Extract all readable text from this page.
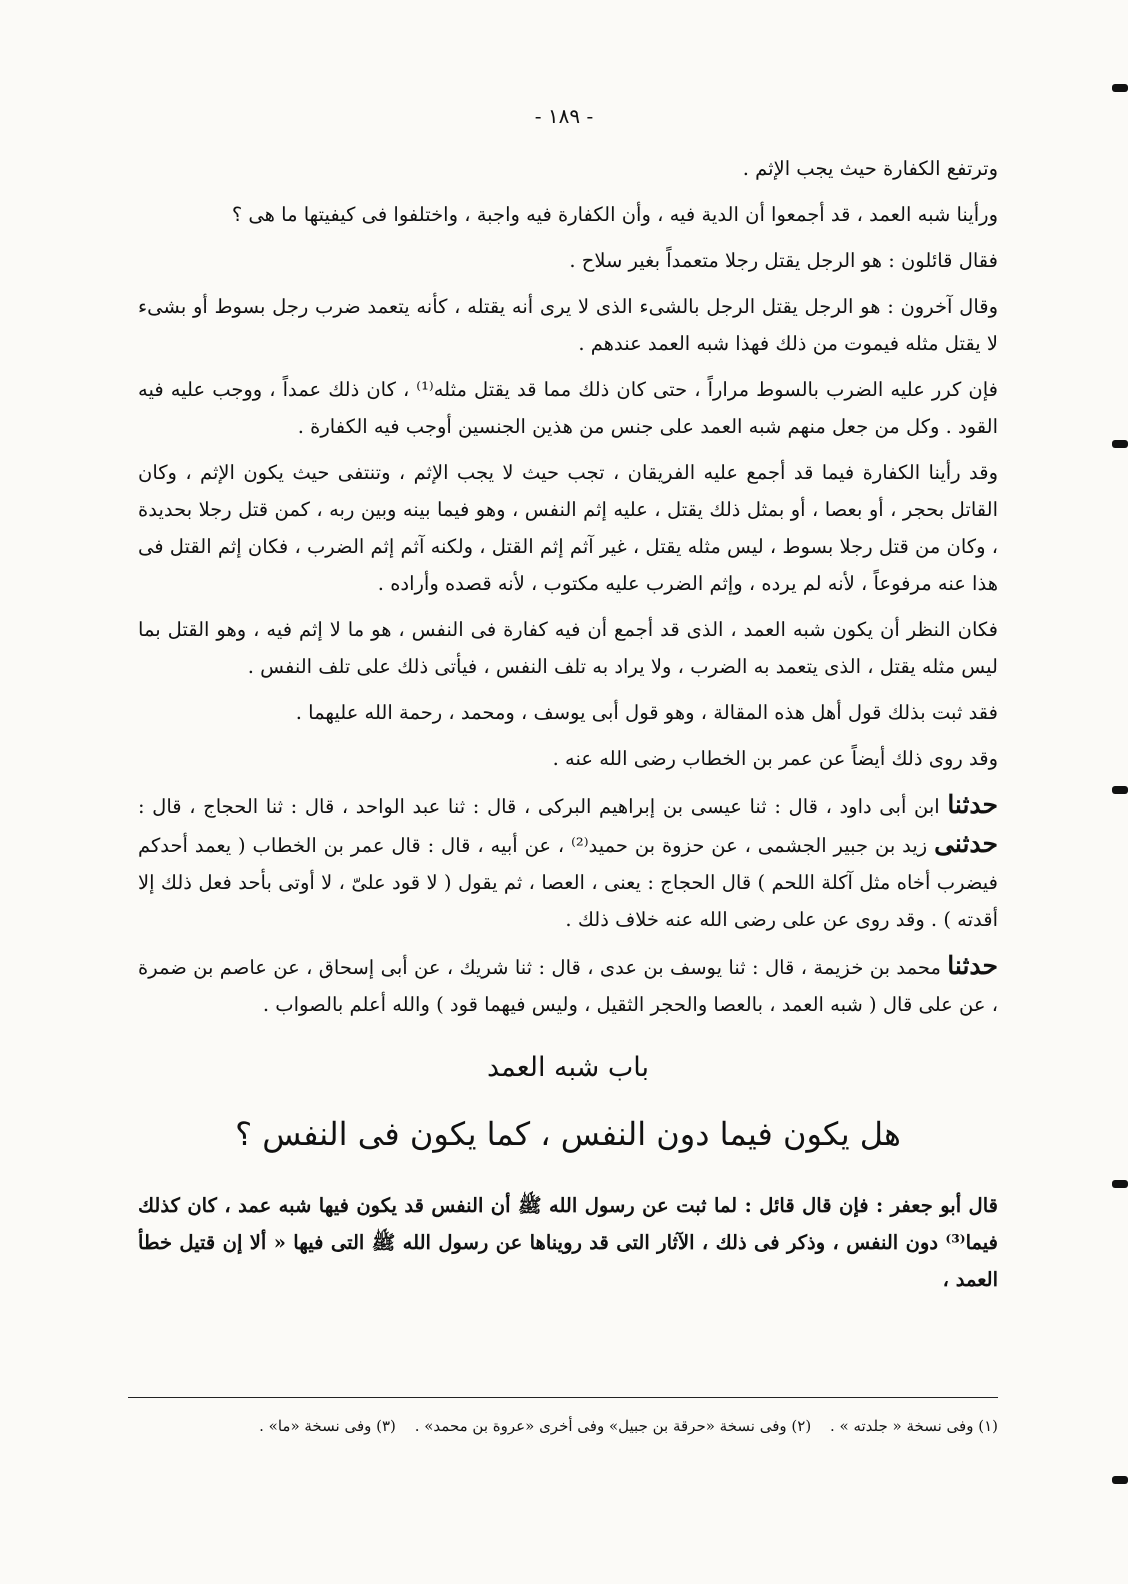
- ١٨٩ -

وترتفع الكفارة حيث يجب الإثم .

ورأينا شبه العمد ، قد أجمعوا أن الدية فيه ، وأن الكفارة فيه واجبة ، واختلفوا فى كيفيتها ما هى ؟

فقال قائلون : هو الرجل يقتل رجلا متعمداً بغير سلاح .

وقال آخرون : هو الرجل يقتل الرجل بالشىء الذى لا يرى أنه يقتله ، كأنه يتعمد ضرب رجل بسوط أو بشىء لا يقتل مثله فيموت من ذلك فهذا شبه العمد عندهم .

فإن كرر عليه الضرب بالسوط مراراً ، حتى كان ذلك مما قد يقتل مثله⁽¹⁾ ، كان ذلك عمداً ، ووجب عليه فيه القود . وكل من جعل منهم شبه العمد على جنس من هذين الجنسين أوجب فيه الكفارة .

وقد رأينا الكفارة فيما قد أجمع عليه الفريقان ، تجب حيث لا يجب الإثم ، وتنتفى حيث يكون الإثم ، وكان القاتل بحجر ، أو بعصا ، أو بمثل ذلك يقتل ، عليه إثم النفس ، وهو فيما بينه وبين ربه ، كمن قتل رجلا بحديدة ، وكان من قتل رجلا بسوط ، ليس مثله يقتل ، غير آثم إثم القتل ، ولكنه آثم إثم الضرب ، فكان إثم القتل فى هذا عنه مرفوعاً ، لأنه لم يرده ، وإثم الضرب عليه مكتوب ، لأنه قصده وأراده .

فكان النظر أن يكون شبه العمد ، الذى قد أجمع أن فيه كفارة فى النفس ، هو ما لا إثم فيه ، وهو القتل بما ليس مثله يقتل ، الذى يتعمد به الضرب ، ولا يراد به تلف النفس ، فيأتى ذلك على تلف النفس .

فقد ثبت بذلك قول أهل هذه المقالة ، وهو قول أبى يوسف ، ومحمد ، رحمة الله عليهما .

وقد روى ذلك أيضاً عن عمر بن الخطاب رضى الله عنه .

حدثنا ابن أبى داود ، قال : ثنا عيسى بن إبراهيم البركى ، قال : ثنا عبد الواحد ، قال : ثنا الحجاج ، قال : حدثنى زيد بن جبير الجشمى ، عن حزوة بن حميد⁽²⁾ ، عن أبيه ، قال : قال عمر بن الخطاب ( يعمد أحدكم فيضرب أخاه مثل آكلة اللحم ) قال الحجاج : يعنى ، العصا ، ثم يقول ( لا قود علىّ ، لا أوتى بأحد فعل ذلك إلا أقدته ) . وقد روى عن على رضى الله عنه خلاف ذلك .

حدثنا محمد بن خزيمة ، قال : ثنا يوسف بن عدى ، قال : ثنا شريك ، عن أبى إسحاق ، عن عاصم بن ضمرة ، عن على قال ( شبه العمد ، بالعصا والحجر الثقيل ، وليس فيهما قود ) والله أعلم بالصواب .

باب شبه العمد
هل يكون فيما دون النفس ، كما يكون فى النفس ؟

قال أبو جعفر : فإن قال قائل : لما ثبت عن رسول الله ﷺ أن النفس قد يكون فيها شبه عمد ، كان كذلك فيما⁽³⁾ دون النفس ، وذكر فى ذلك ، الآثار التى قد رويناها عن رسول الله ﷺ التى فيها « ألا إن قتيل خطأ العمد ،

(١) وفى نسخة « جلدته » . (٢) وفى نسخة «حرقة بن جبيل» وفى أخرى «عروة بن محمد» . (٣) وفى نسخة «ما» .
